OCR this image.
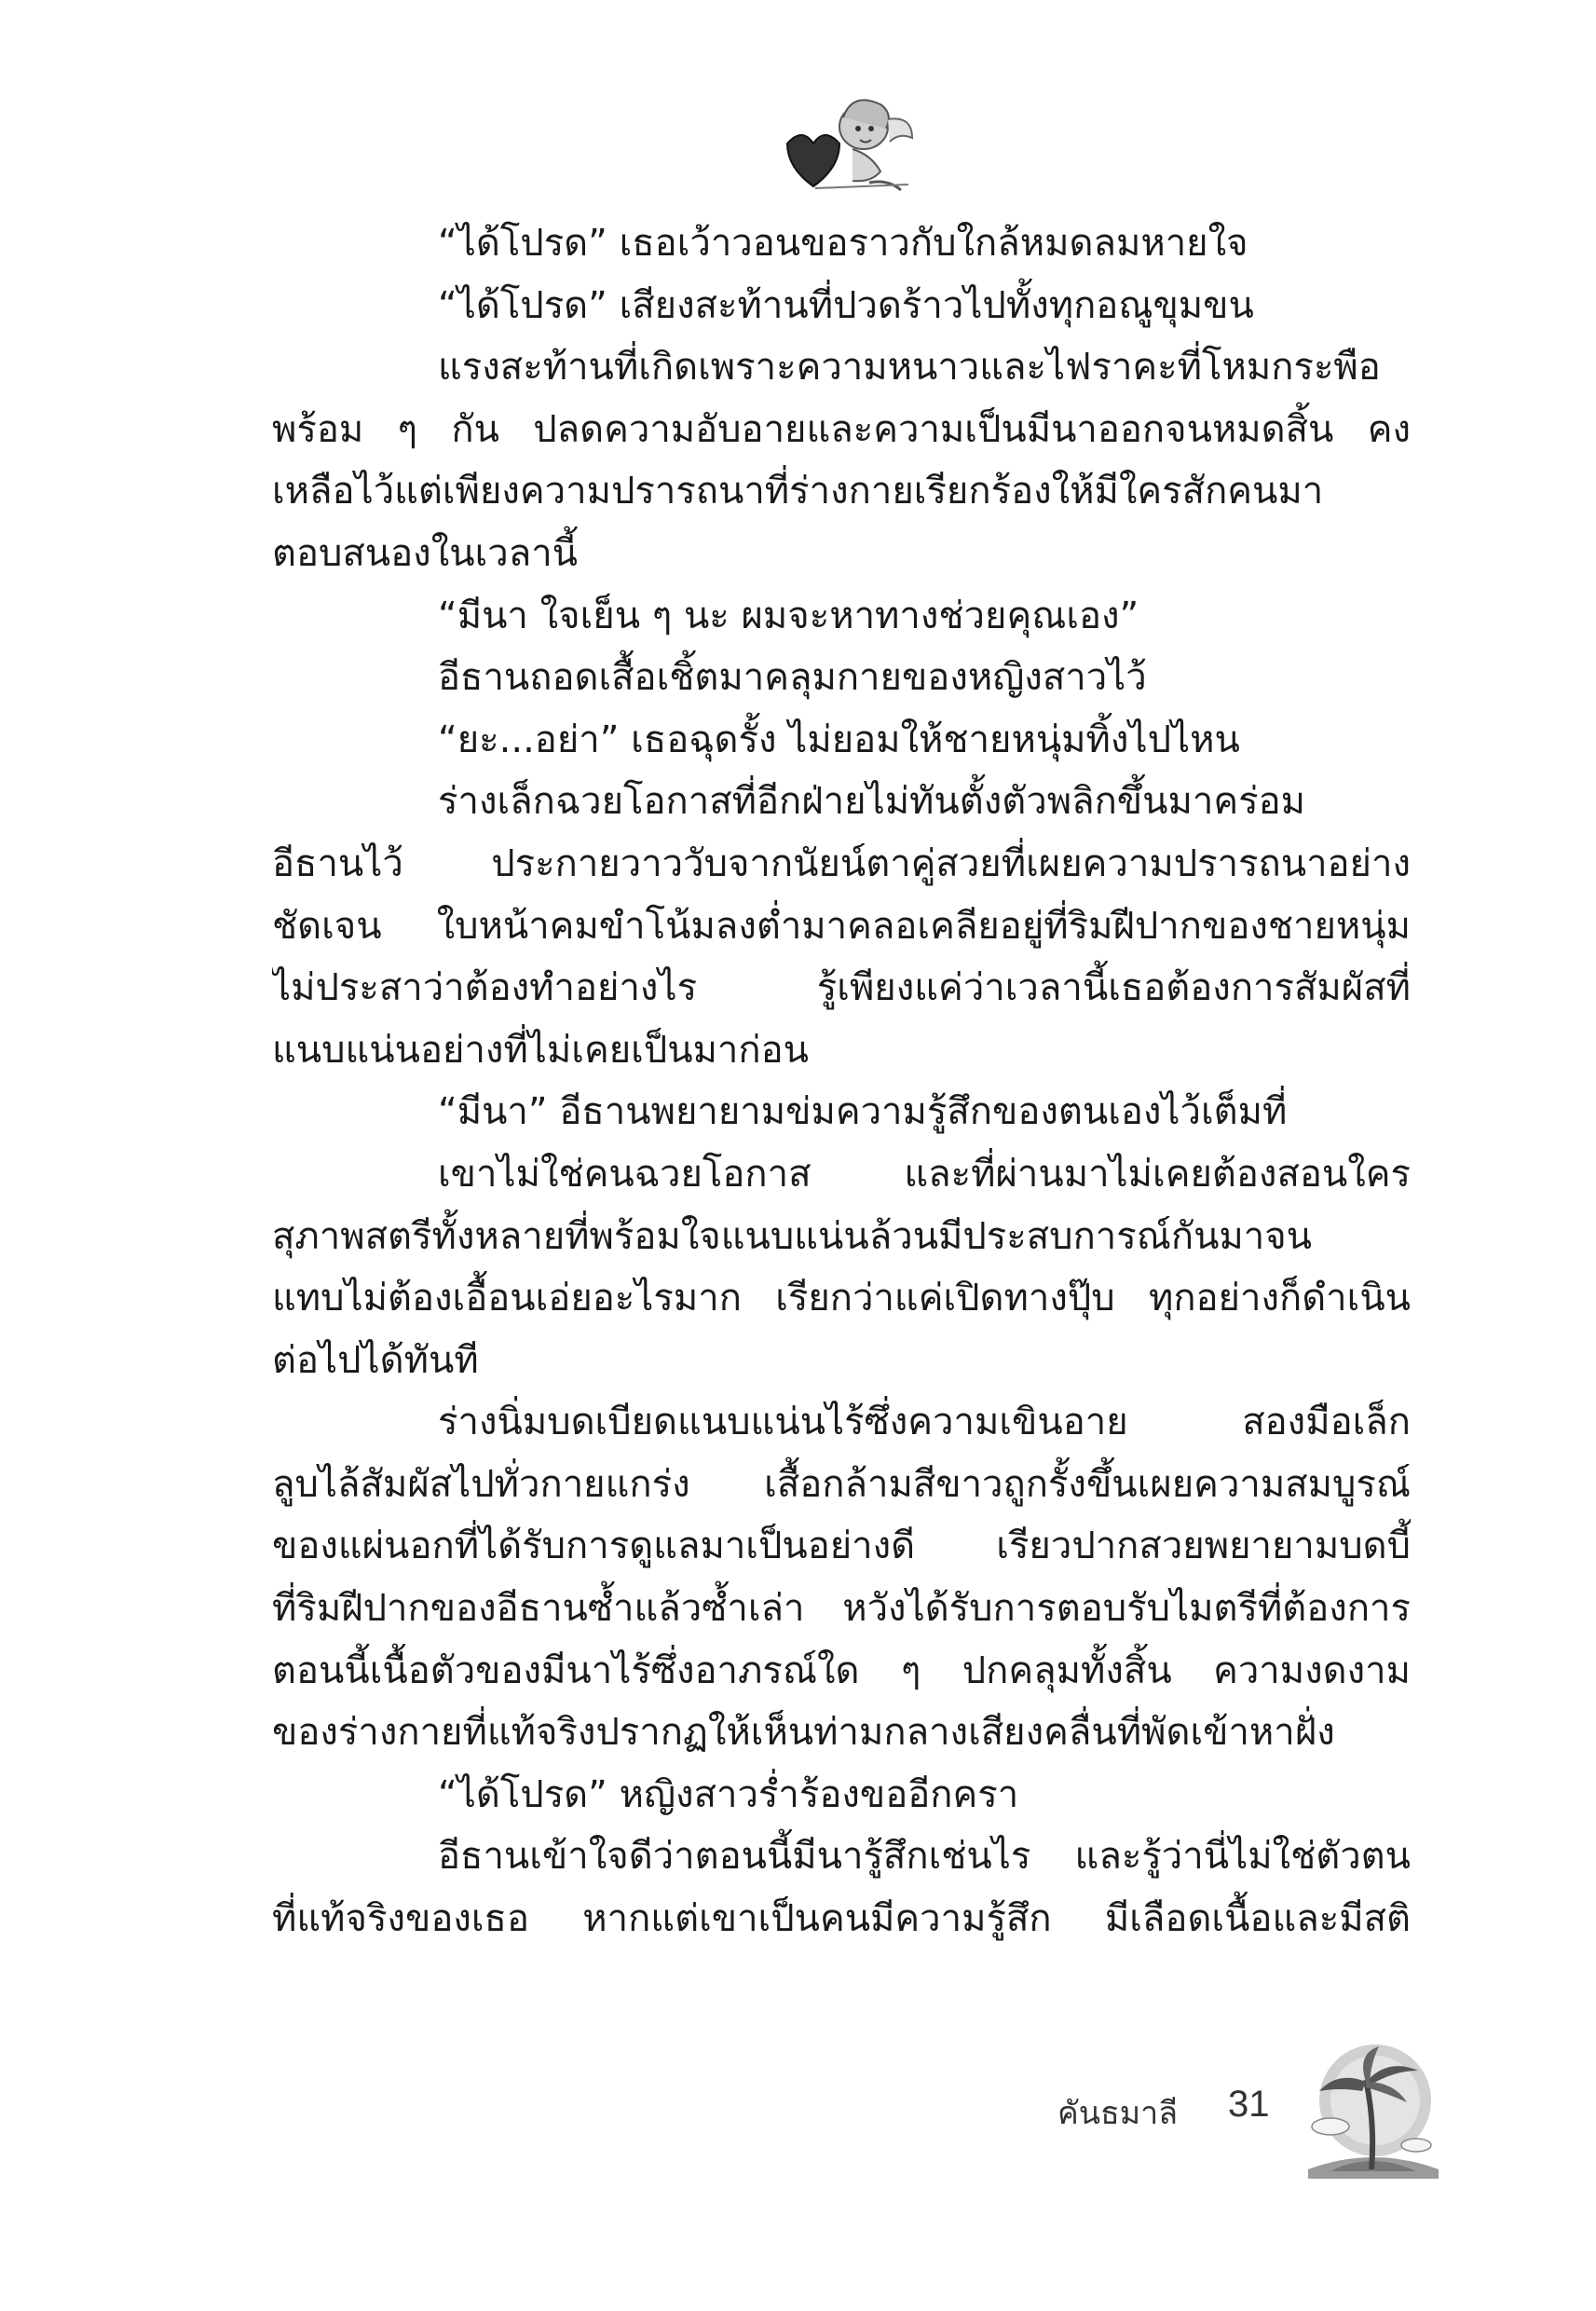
“ได้โปรด” เธอเว้าวอนขอราวกับใกล้หมดลมหายใจ
“ได้โปรด” เสียงสะท้านที่ปวดร้าวไปทั้งทุกอณูขุมขน
แรงสะท้านที่เกิดเพราะความหนาวและไฟราคะที่โหมกระพือ
พร้อม ๆ กัน ปลดความอับอายและความเป็นมีนาออกจนหมดสิ้น คง
เหลือไว้แต่เพียงความปรารถนาที่ร่างกายเรียกร้องให้มีใครสักคนมา
ตอบสนองในเวลานี้
“มีนา ใจเย็น ๆ นะ ผมจะหาทางช่วยคุณเอง”
อีธานถอดเสื้อเชิ้ตมาคลุมกายของหญิงสาวไว้
“ยะ...อย่า” เธอฉุดรั้ง ไม่ยอมให้ชายหนุ่มทิ้งไปไหน
ร่างเล็กฉวยโอกาสที่อีกฝ่ายไม่ทันตั้งตัวพลิกขึ้นมาคร่อม
อีธานไว้ ประกายวาววับจากนัยน์ตาคู่สวยที่เผยความปรารถนาอย่าง
ชัดเจน ใบหน้าคมขำโน้มลงต่ำมาคลอเคลียอยู่ที่ริมฝีปากของชายหนุ่ม
ไม่ประสาว่าต้องทำอย่างไร รู้เพียงแค่ว่าเวลานี้เธอต้องการสัมผัสที่
แนบแน่นอย่างที่ไม่เคยเป็นมาก่อน
“มีนา” อีธานพยายามข่มความรู้สึกของตนเองไว้เต็มที่
เขาไม่ใช่คนฉวยโอกาส และที่ผ่านมาไม่เคยต้องสอนใคร
สุภาพสตรีทั้งหลายที่พร้อมใจแนบแน่นล้วนมีประสบการณ์กันมาจน
แทบไม่ต้องเอื้อนเอ่ยอะไรมาก เรียกว่าแค่เปิดทางปุ๊บ ทุกอย่างก็ดำเนิน
ต่อไปได้ทันที
ร่างนิ่มบดเบียดแนบแน่นไร้ซึ่งความเขินอาย สองมือเล็ก
ลูบไล้สัมผัสไปทั่วกายแกร่ง เสื้อกล้ามสีขาวถูกรั้งขึ้นเผยความสมบูรณ์
ของแผ่นอกที่ได้รับการดูแลมาเป็นอย่างดี เรียวปากสวยพยายามบดบี้
ที่ริมฝีปากของอีธานซ้ำแล้วซ้ำเล่า หวังได้รับการตอบรับไมตรีที่ต้องการ
ตอนนี้เนื้อตัวของมีนาไร้ซึ่งอาภรณ์ใด ๆ ปกคลุมทั้งสิ้น ความงดงาม
ของร่างกายที่แท้จริงปรากฏให้เห็นท่ามกลางเสียงคลื่นที่พัดเข้าหาฝั่ง
“ได้โปรด” หญิงสาวร่ำร้องขออีกครา
อีธานเข้าใจดีว่าตอนนี้มีนารู้สึกเช่นไร และรู้ว่านี่ไม่ใช่ตัวตน
ที่แท้จริงของเธอ หากแต่เขาเป็นคนมีความรู้สึก มีเลือดเนื้อและมีสติ
คันธมาลี 31
